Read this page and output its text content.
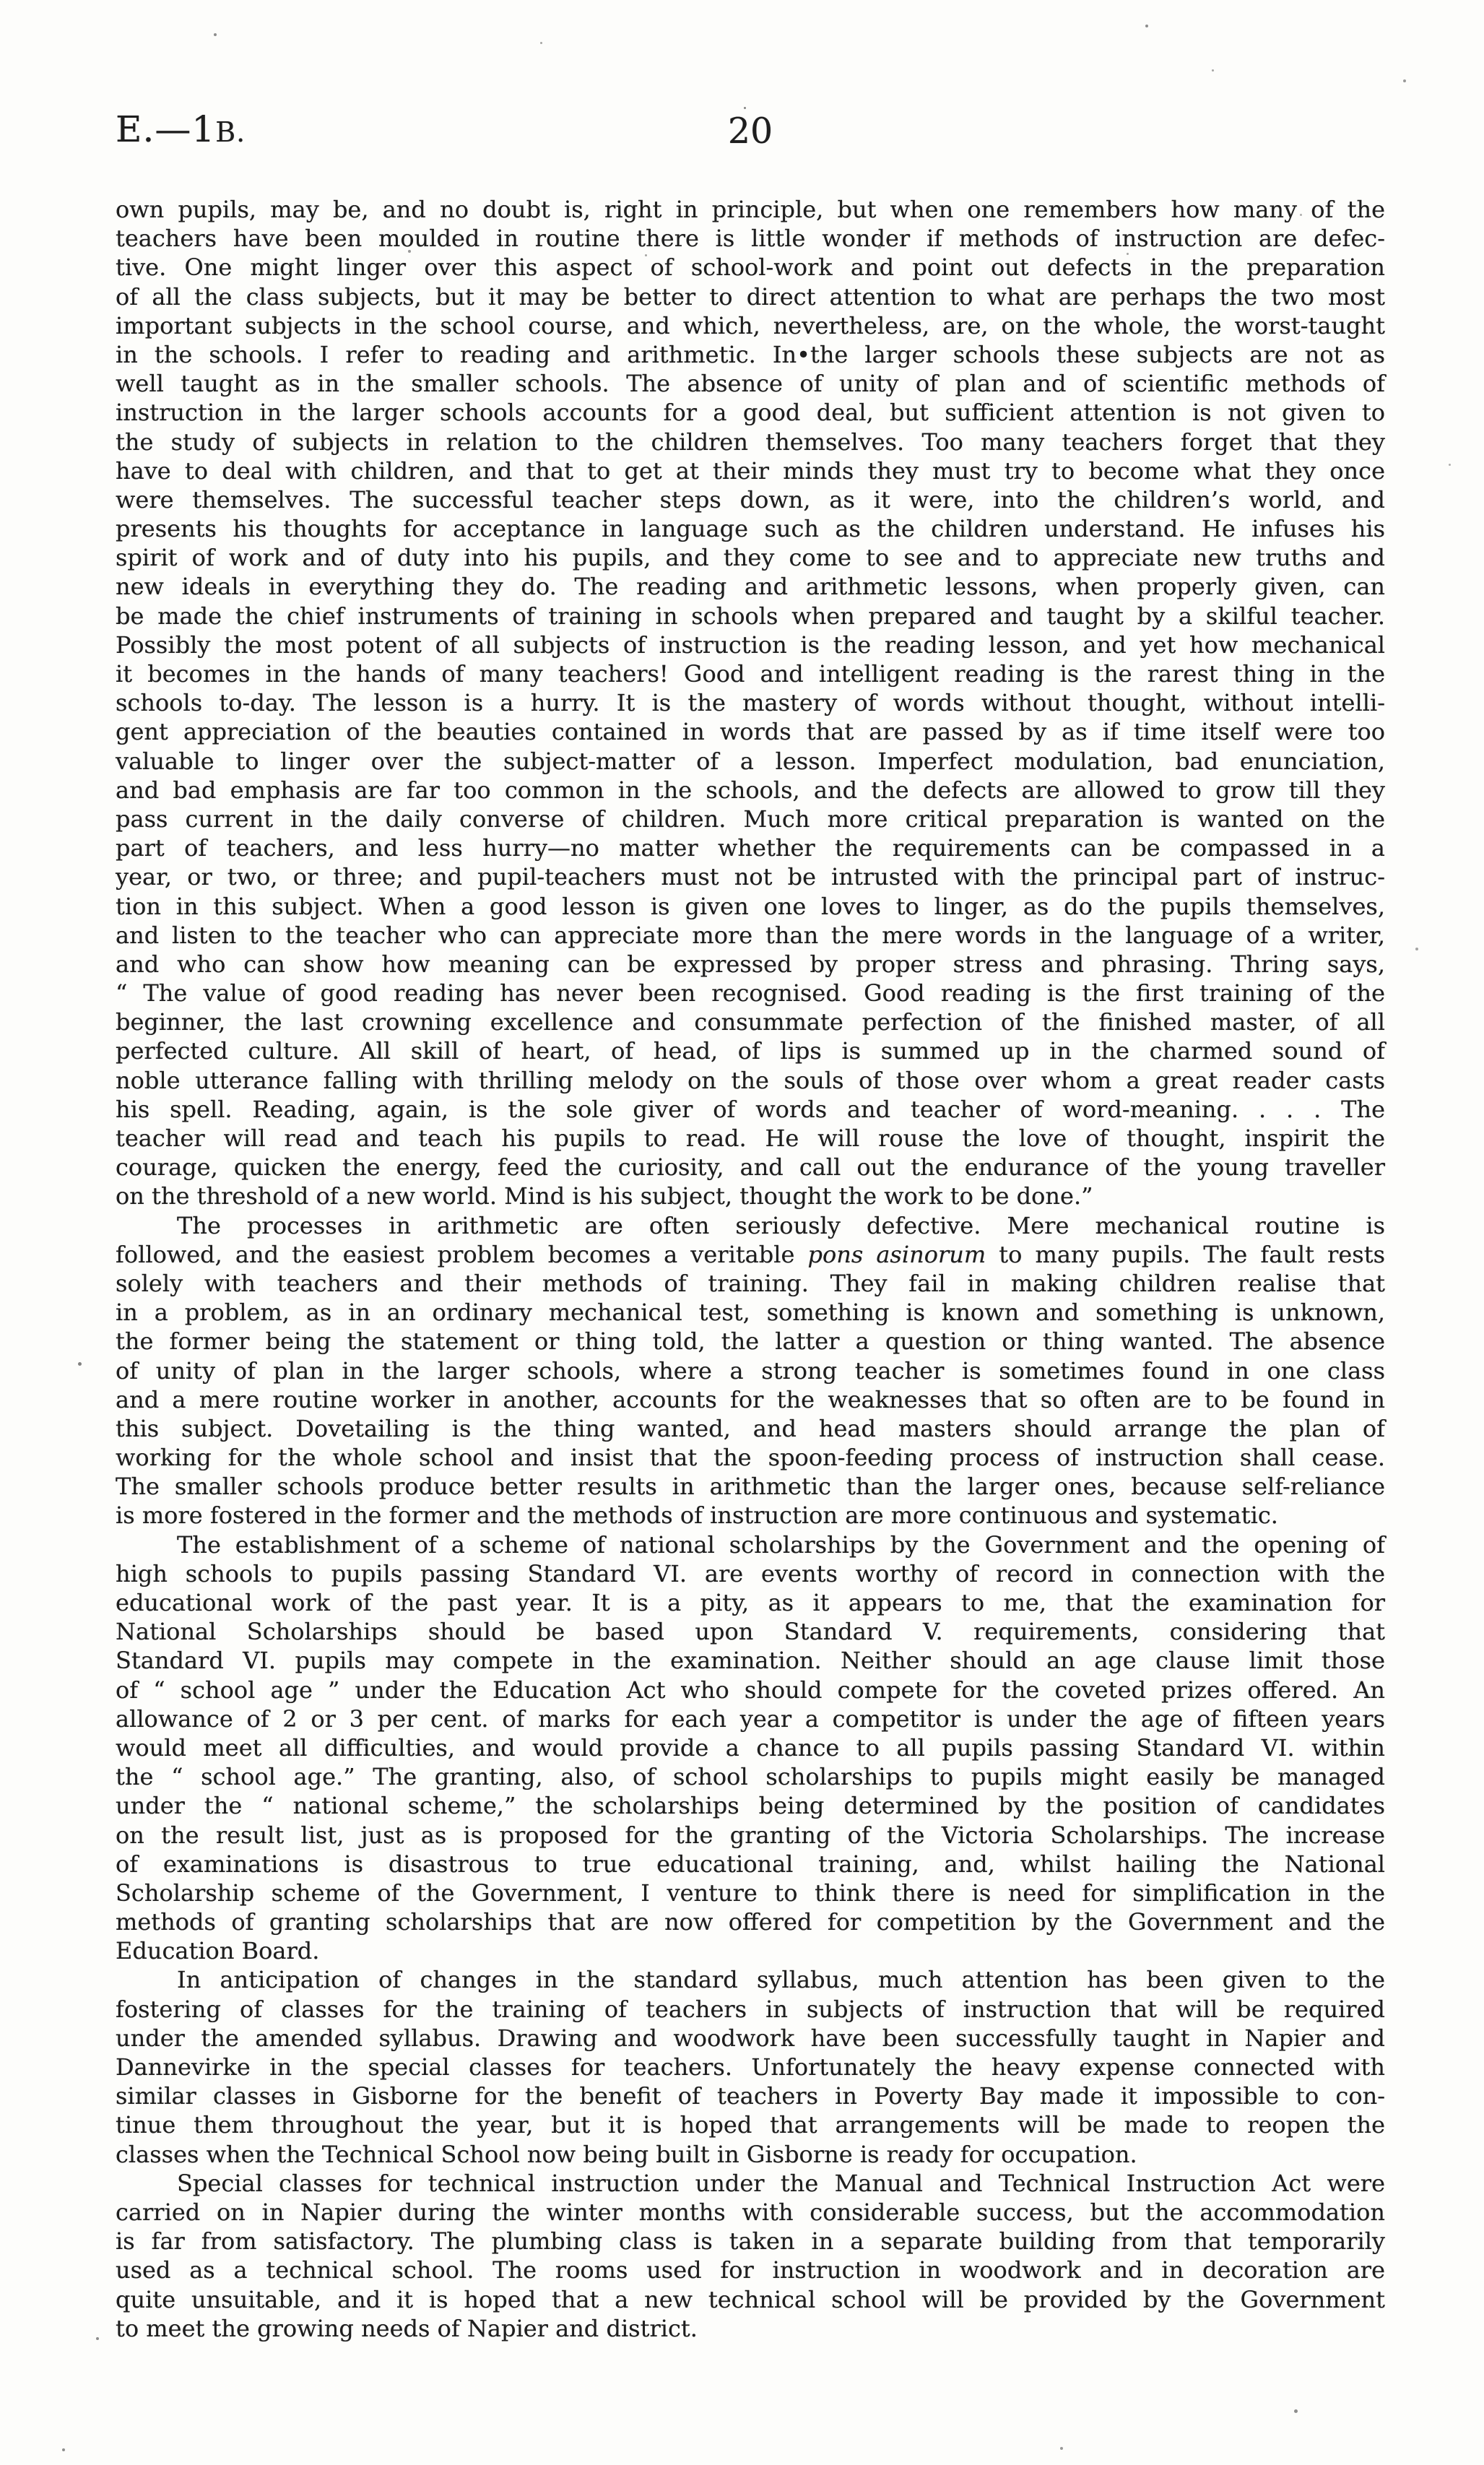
E.—1B.	20
own pupils, may be, and no doubt is, right in principle, but when one remembers how many of the
teachers have been moulded in routine there is little wonder if methods of instruction are defec-
tive. One might linger over this aspect of school-work and point out defects in the preparation
of all the class subjects, but it may be better to direct attention to what are perhaps the two most
important subjects in the school course, and which, nevertheless, are, on the whole, the worst-taught
in the schools. I refer to reading and arithmetic. In•the larger schools these subjects are not as
well taught as in the smaller schools. The absence of unity of plan and of scientific methods of
instruction in the larger schools accounts for a good deal, but sufficient attention is not given to
the study of subjects in relation to the children themselves. Too many teachers forget that they
have to deal with children, and that to get at their minds they must try to become what they once
were themselves. The successful teacher steps down, as it were, into the children’s world, and
presents his thoughts for acceptance in language such as the children understand. He infuses his
spirit of work and of duty into his pupils, and they come to see and to appreciate new truths and
new ideals in everything they do. The reading and arithmetic lessons, when properly given, can
be made the chief instruments of training in schools when prepared and taught by a skilful teacher.
Possibly the most potent of all subjects of instruction is the reading lesson, and yet how mechanical
it becomes in the hands of many teachers! Good and intelligent reading is the rarest thing in the
schools to-day. The lesson is a hurry. It is the mastery of words without thought, without intelli-
gent appreciation of the beauties contained in words that are passed by as if time itself were too
valuable to linger over the subject-matter of a lesson. Imperfect modulation, bad enunciation,
and bad emphasis are far too common in the schools, and the defects are allowed to grow till they
pass current in the daily converse of children. Much more critical preparation is wanted on the
part of teachers, and less hurry—no matter whether the requirements can be compassed in a
year, or two, or three; and pupil-teachers must not be intrusted with the principal part of instruc-
tion in this subject. When a good lesson is given one loves to linger, as do the pupils themselves,
and listen to the teacher who can appreciate more than the mere words in the language of a writer,
and who can show how meaning can be expressed by proper stress and phrasing. Thring says,
“ The value of good reading has never been recognised. Good reading is the first training of the
beginner, the last crowning excellence and consummate perfection of the finished master, of all
perfected culture. All skill of heart, of head, of lips is summed up in the charmed sound of
noble utterance falling with thrilling melody on the souls of those over whom a great reader casts
his spell. Reading, again, is the sole giver of words and teacher of word-meaning. . . . The
teacher will read and teach his pupils to read. He will rouse the love of thought, inspirit the
courage, quicken the energy, feed the curiosity, and call out the endurance of the young traveller
on the threshold of a new world. Mind is his subject, thought the work to be done.”
The processes in arithmetic are often seriously defective. Mere mechanical routine is
followed, and the easiest problem becomes a veritable pons asinorum to many pupils. The fault rests
solely with teachers and their methods of training. They fail in making children realise that
in a problem, as in an ordinary mechanical test, something is known and something is unknown,
the former being the statement or thing told, the latter a question or thing wanted. The absence
of unity of plan in the larger schools, where a strong teacher is sometimes found in one class
and a mere routine worker in another, accounts for the weaknesses that so often are to be found in
this subject. Dovetailing is the thing wanted, and head masters should arrange the plan of
working for the whole school and insist that the spoon-feeding process of instruction shall cease.
The smaller schools produce better results in arithmetic than the larger ones, because self-reliance
is more fostered in the former and the methods of instruction are more continuous and systematic.
The establishment of a scheme of national scholarships by the Government and the opening of
high schools to pupils passing Standard VI. are events worthy of record in connection with the
educational work of the past year. It is a pity, as it appears to me, that the examination for
National Scholarships should be based upon Standard V. requirements, considering that
Standard VI. pupils may compete in the examination. Neither should an age clause limit those
of “ school age ” under the Education Act who should compete for the coveted prizes offered. An
allowance of 2 or 3 per cent. of marks for each year a competitor is under the age of fifteen years
would meet all difficulties, and would provide a chance to all pupils passing Standard VI. within
the “ school age.” The granting, also, of school scholarships to pupils might easily be managed
under the “ national scheme,” the scholarships being determined by the position of candidates
on the result list, just as is proposed for the granting of the Victoria Scholarships. The increase
of examinations is disastrous to true educational training, and, whilst hailing the National
Scholarship scheme of the Government, I venture to think there is need for simplification in the
methods of granting scholarships that are now offered for competition by the Government and the
Education Board.
In anticipation of changes in the standard syllabus, much attention has been given to the
fostering of classes for the training of teachers in subjects of instruction that will be required
under the amended syllabus. Drawing and woodwork have been successfully taught in Napier and
Dannevirke in the special classes for teachers. Unfortunately the heavy expense connected with
similar classes in Gisborne for the benefit of teachers in Poverty Bay made it impossible to con-
tinue them throughout the year, but it is hoped that arrangements will be made to reopen the
classes when the Technical School now being built in Gisborne is ready for occupation.
Special classes for technical instruction under the Manual and Technical Instruction Act were
carried on in Napier during the winter months with considerable success, but the accommodation
is far from satisfactory. The plumbing class is taken in a separate building from that temporarily
used as a technical school. The rooms used for instruction in woodwork and in decoration are
quite unsuitable, and it is hoped that a new technical school will be provided by the Government
to meet the growing needs of Napier and district.
